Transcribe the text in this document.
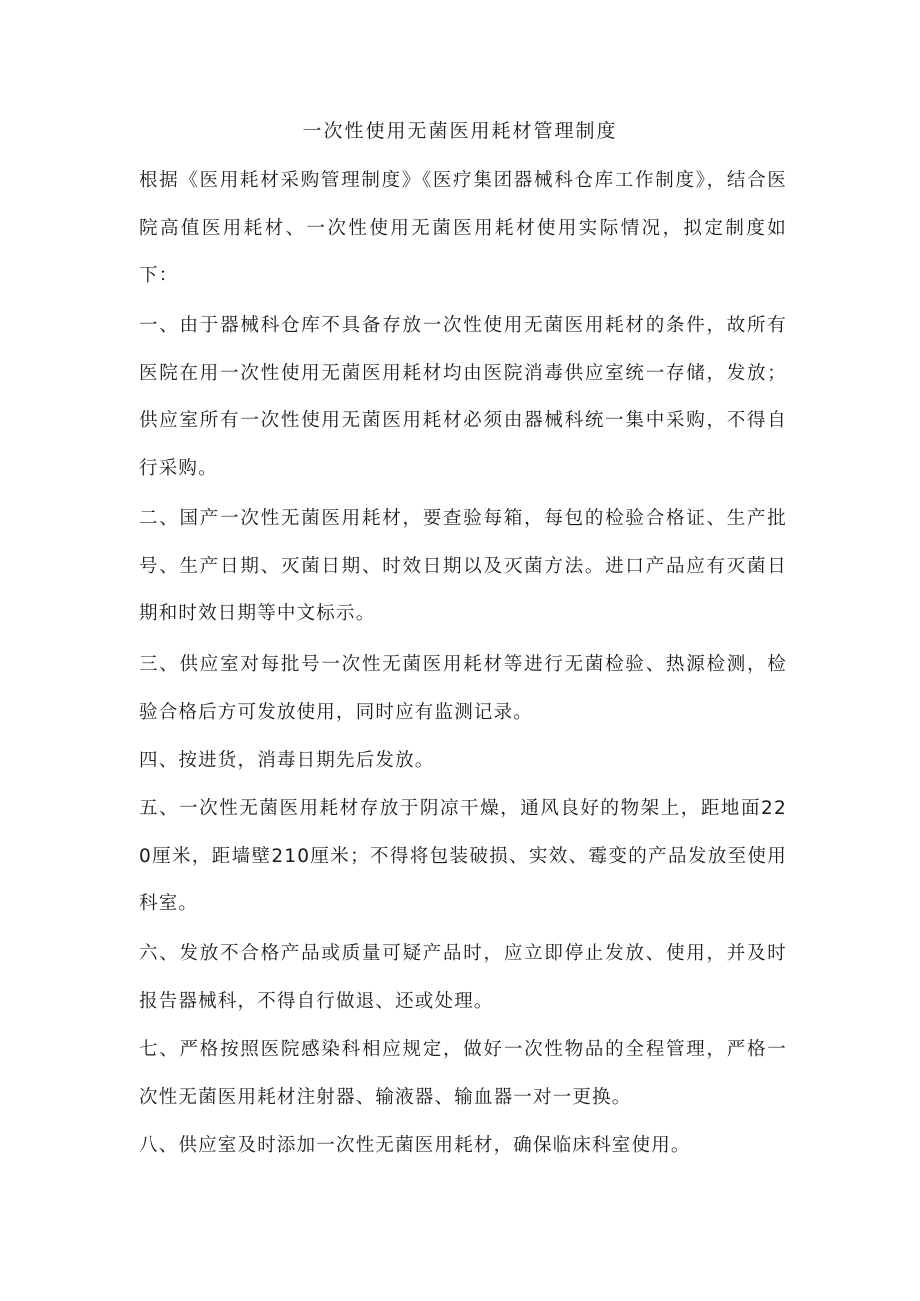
一次性使用无菌医用耗材管理制度

根据《医用耗材采购管理制度》《医疗集团器械科仓库工作制度》，结合医院高值医用耗材、一次性使用无菌医用耗材使用实际情况，拟定制度如下：

一、由于器械科仓库不具备存放一次性使用无菌医用耗材的条件，故所有医院在用一次性使用无菌医用耗材均由医院消毒供应室统一存储，发放；供应室所有一次性使用无菌医用耗材必须由器械科统一集中采购，不得自行采购。

二、国产一次性无菌医用耗材，要查验每箱，每包的检验合格证、生产批号、生产日期、灭菌日期、时效日期以及灭菌方法。进口产品应有灭菌日期和时效日期等中文标示。

三、供应室对每批号一次性无菌医用耗材等进行无菌检验、热源检测，检验合格后方可发放使用，同时应有监测记录。

四、按进货，消毒日期先后发放。

五、一次性无菌医用耗材存放于阴凉干燥，通风良好的物架上，距地面220厘米，距墙壁210厘米；不得将包装破损、实效、霉变的产品发放至使用科室。

六、发放不合格产品或质量可疑产品时，应立即停止发放、使用，并及时报告器械科，不得自行做退、还或处理。

七、严格按照医院感染科相应规定，做好一次性物品的全程管理，严格一次性无菌医用耗材注射器、输液器、输血器一对一更换。

八、供应室及时添加一次性无菌医用耗材，确保临床科室使用。
